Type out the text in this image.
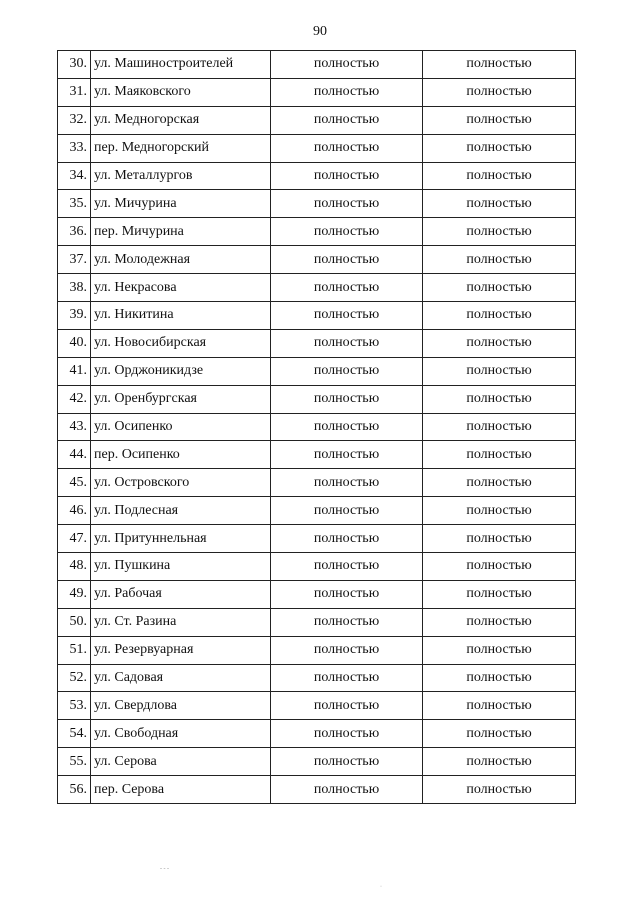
90
30.	ул. Машиностроителей	полностью	полностью
31.	ул. Маяковского	полностью	полностью
32.	ул. Медногорская	полностью	полностью
33.	пер. Медногорский	полностью	полностью
34.	ул. Металлургов	полностью	полностью
35.	ул. Мичурина	полностью	полностью
36.	пер. Мичурина	полностью	полностью
37.	ул. Молодежная	полностью	полностью
38.	ул. Некрасова	полностью	полностью
39.	ул. Никитина	полностью	полностью
40.	ул. Новосибирская	полностью	полностью
41.	ул. Орджоникидзе	полностью	полностью
42.	ул. Оренбургская	полностью	полностью
43.	ул. Осипенко	полностью	полностью
44.	пер. Осипенко	полностью	полностью
45.	ул. Островского	полностью	полностью
46.	ул. Подлесная	полностью	полностью
47.	ул. Притуннельная	полностью	полностью
48.	ул. Пушкина	полностью	полностью
49.	ул. Рабочая	полностью	полностью
50.	ул. Ст. Разина	полностью	полностью
51.	ул. Резервуарная	полностью	полностью
52.	ул. Садовая	полностью	полностью
53.	ул. Свердлова	полностью	полностью
54.	ул. Свободная	полностью	полностью
55.	ул. Серова	полностью	полностью
56.	пер. Серова	полностью	полностью
- - -
·
